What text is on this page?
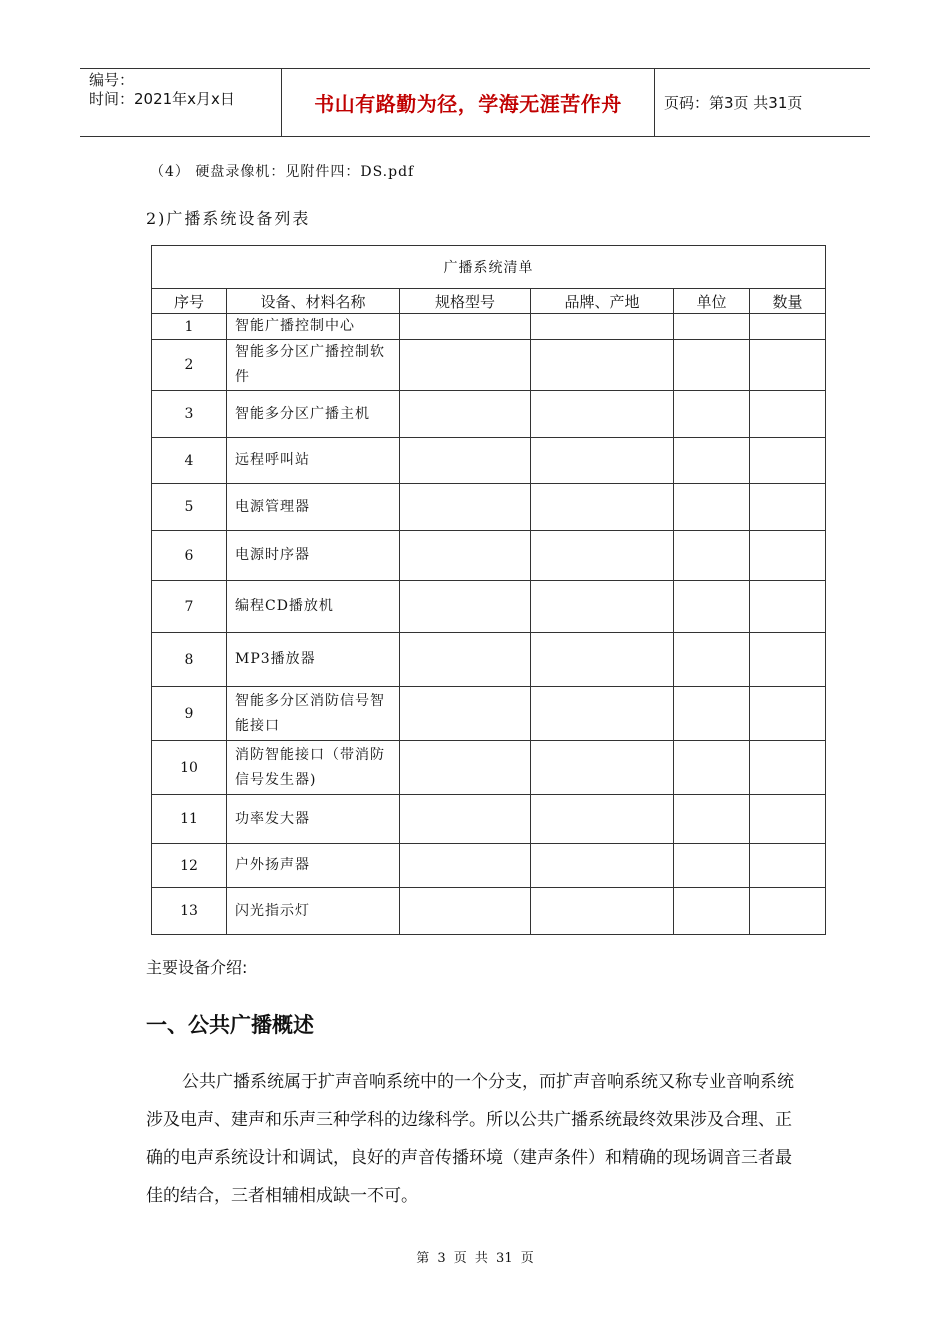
编号：
时间：2021年x月x日	书山有路勤为径，学海无涯苦作舟	页码：第3页 共31页
（4） 硬盘录像机：见附件四：DS.pdf
2)广播系统设备列表
广播系统清单					
序号	设备、材料名称	规格型号	品牌、产地	单位	数量
1	智能广播控制中心				
2	智能多分区广播控制软件				
3	智能多分区广播主机				
4	远程呼叫站				
5	电源管理器				
6	电源时序器				
7	编程CD播放机				
8	MP3播放器				
9	智能多分区消防信号智能接口				
10	消防智能接口（带消防信号发生器)				
11	功率发大器				
12	户外扬声器				
13	闪光指示灯				
主要设备介绍:
一、公共广播概述
公共广播系统属于扩声音响系统中的一个分支，而扩声音响系统又称专业音响系统涉及电声、建声和乐声三种学科的边缘科学。所以公共广播系统最终效果涉及合理、正确的电声系统设计和调试，良好的声音传播环境（建声条件）和精确的现场调音三者最佳的结合，三者相辅相成缺一不可。
第 3 页 共 31 页
